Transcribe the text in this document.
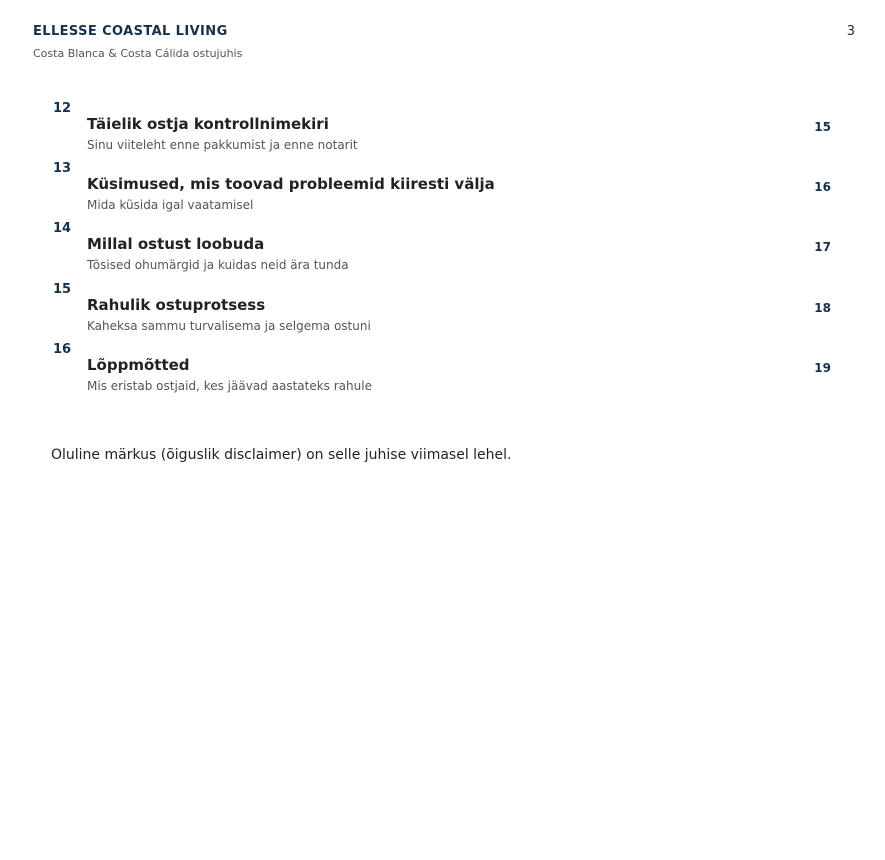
ELLESSE COASTAL LIVING
Costa Blanca & Costa Cálida ostujuhis
3
12
Täielik ostja kontrollnimekiri
Sinu viiteleht enne pakkumist ja enne notarit
15
13
Küsimused, mis toovad probleemid kiiresti välja
Mida küsida igal vaatamisel
16
14
Millal ostust loobuda
Tõsised ohumärgid ja kuidas neid ära tunda
17
15
Rahulik ostuprotsess
Kaheksa sammu turvalisema ja selgema ostuni
18
16
Lõppmõtted
Mis eristab ostjaid, kes jäävad aastateks rahule
19
Oluline märkus (õiguslik disclaimer) on selle juhise viimasel lehel.
